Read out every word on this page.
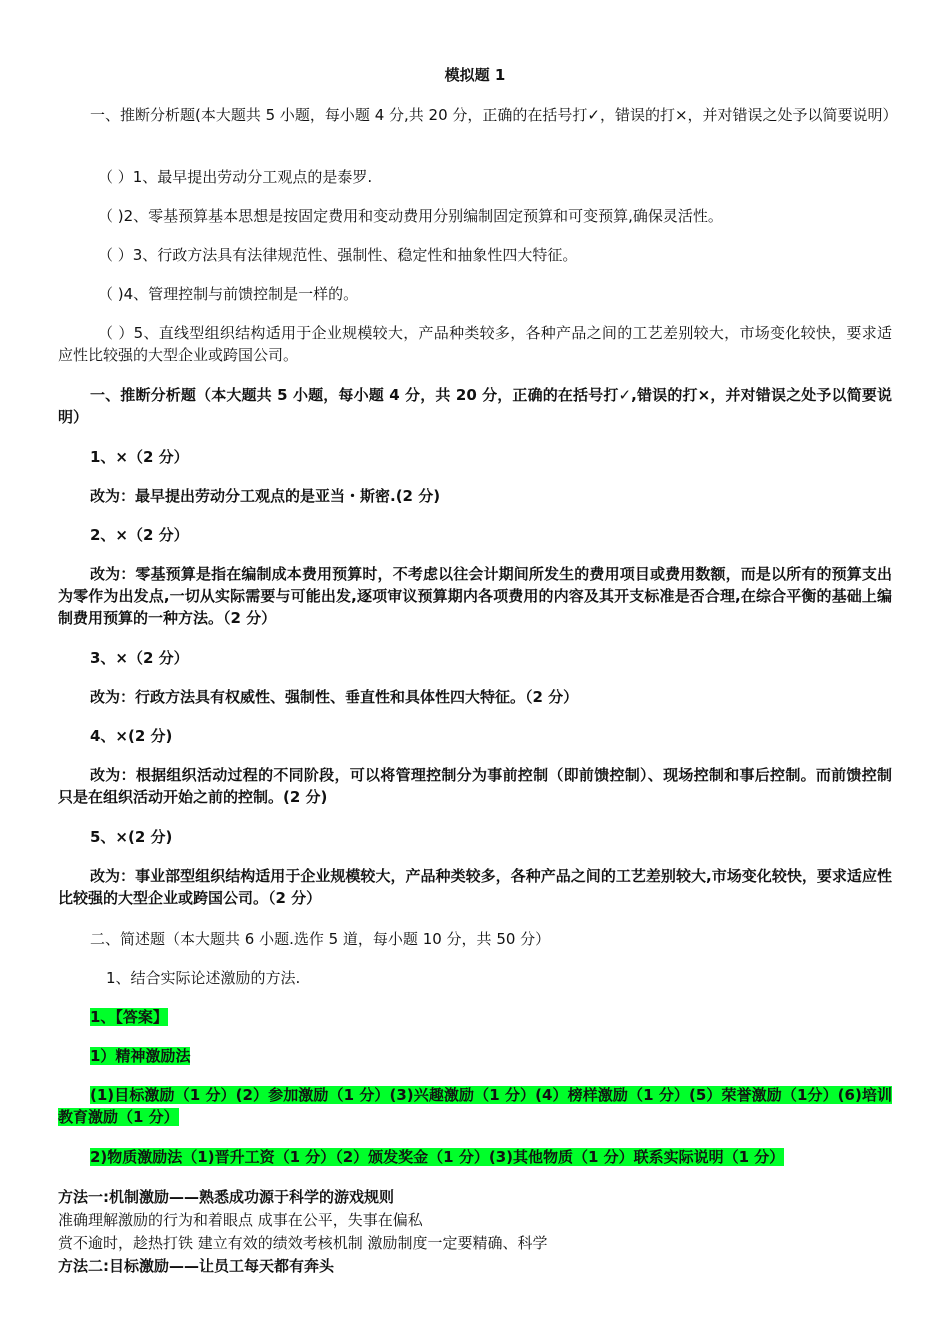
模拟题 1

一、推断分析题(本大题共 5 小题，每小题 4 分,共 20 分，正确的在括号打✓，错误的打×，并对错误之处予以简要说明）

（ ）1、最早提出劳动分工观点的是泰罗.

（ )2、零基预算基本思想是按固定费用和变动费用分别编制固定预算和可变预算,确保灵活性。

（ ）3、行政方法具有法律规范性、强制性、稳定性和抽象性四大特征。

（ )4、管理控制与前馈控制是一样的。

（ ）5、直线型组织结构适用于企业规模较大，产品种类较多，各种产品之间的工艺差别较大，市场变化较快，要求适应性比较强的大型企业或跨国公司。

一、推断分析题（本大题共 5 小题，每小题 4 分，共 20 分，正确的在括号打✓,错误的打×，并对错误之处予以简要说明）

1、×（2 分）

改为：最早提出劳动分工观点的是亚当・斯密.(2 分)

2、×（2 分）

改为：零基预算是指在编制成本费用预算时，不考虑以往会计期间所发生的费用项目或费用数额，而是以所有的预算支出为零作为出发点,一切从实际需要与可能出发,逐项审议预算期内各项费用的内容及其开支标准是否合理,在综合平衡的基础上编制费用预算的一种方法。（2 分）

3、×（2 分）

改为：行政方法具有权威性、强制性、垂直性和具体性四大特征。（2 分）

4、×(2 分)

改为：根据组织活动过程的不同阶段，可以将管理控制分为事前控制（即前馈控制）、现场控制和事后控制。而前馈控制只是在组织活动开始之前的控制。(2 分)

5、×(2 分)

改为：事业部型组织结构适用于企业规模较大，产品种类较多，各种产品之间的工艺差别较大,市场变化较快，要求适应性比较强的大型企业或跨国公司。（2 分）

二、简述题（本大题共 6 小题.选作 5 道，每小题 10 分，共 50 分）

1、结合实际论述激励的方法.

1、【答案】

1）精神激励法

(1)目标激励（1 分）(2）参加激励（1 分）(3)兴趣激励（1 分）(4）榜样激励（1 分）(5）荣誉激励（1分）(6)培训教育激励（1 分）

2)物质激励法（1)晋升工资（1 分）（2）颁发奖金（1 分）(3)其他物质（1 分）联系实际说明（1 分）

方法一:机制激励——熟悉成功源于科学的游戏规则

准确理解激励的行为和着眼点 成事在公平，失事在偏私

赏不逾时，趁热打铁 建立有效的绩效考核机制 激励制度一定要精确、科学

方法二:目标激励——让员工每天都有奔头
